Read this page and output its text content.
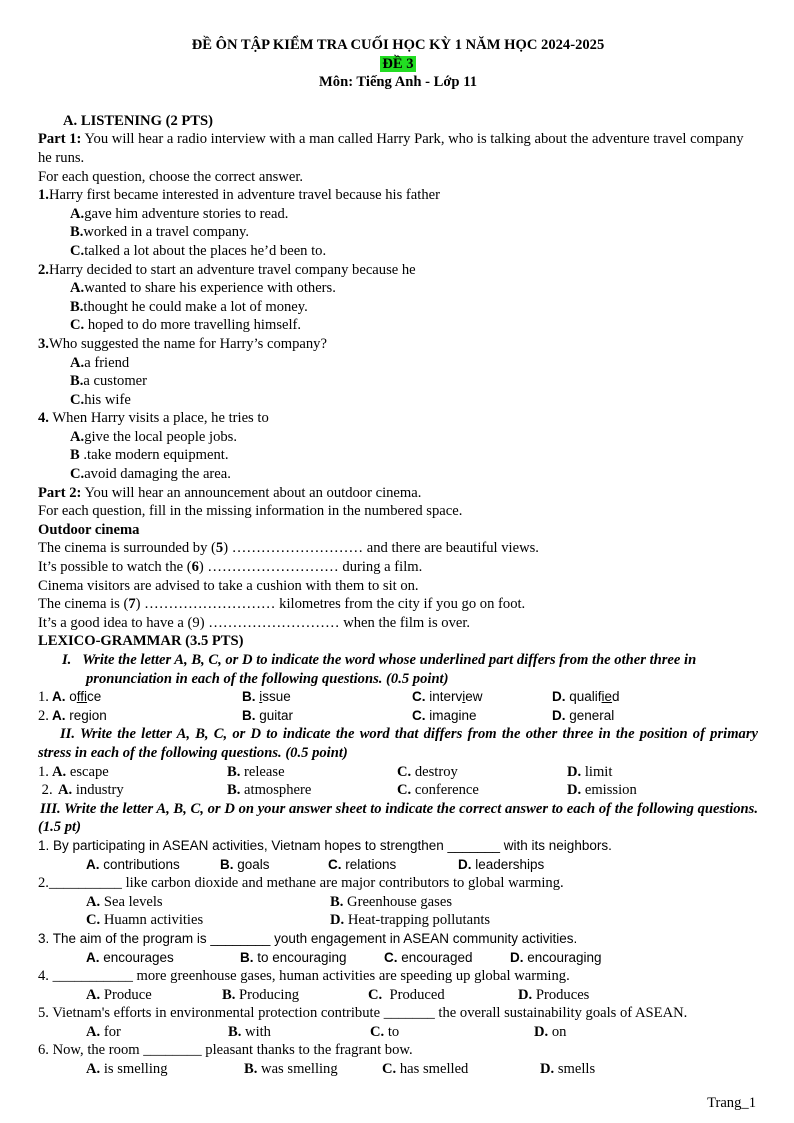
ĐỀ ÔN TẬP KIỂM TRA CUỐI HỌC KỲ 1 NĂM HỌC 2024-2025
ĐỀ 3
Môn: Tiếng Anh - Lớp 11
A. LISTENING (2 PTS)
Part 1: You will hear a radio interview with a man called Harry Park, who is talking about the adventure travel company he runs.
For each question, choose the correct answer.
1.Harry first became interested in adventure travel because his father
A.gave him adventure stories to read.
B.worked in a travel company.
C.talked a lot about the places he’d been to.
2.Harry decided to start an adventure travel company because he
A.wanted to share his experience with others.
B.thought he could make a lot of money.
C. hoped to do more travelling himself.
3.Who suggested the name for Harry’s company?
A.a friend
B.a customer
C.his wife
4. When Harry visits a place, he tries to
A.give the local people jobs.
B .take modern equipment.
C.avoid damaging the area.
Part 2: You will hear an announcement about an outdoor cinema.
For each question, fill in the missing information in the numbered space.
Outdoor cinema
The cinema is surrounded by (5) ……………………… and there are beautiful views.
It’s possible to watch the (6) ……………………… during a film.
Cinema visitors are advised to take a cushion with them to sit on.
The cinema is (7) ……………………… kilometres from the city if you go on foot.
It’s a good idea to have a (9) ……………………… when the film is over.
LEXICO-GRAMMAR (3.5 PTS)
I. Write the letter A, B, C, or D to indicate the word whose underlined part differs from the other three in pronunciation in each of the following questions. (0.5 point)
1. A. office	B. issue	C. interview	D. qualified
2. A. region	B. guitar	C. imagine	D. general
II. Write the letter A, B, C, or D to indicate the word that differs from the other three in the position of primary stress in each of the following questions. (0.5 point)
1. A. escape	B. release	C. destroy	D. limit
2. A. industry	B. atmosphere	C. conference	D. emission
III. Write the letter A, B, C, or D on your answer sheet to indicate the correct answer to each of the following questions. (1.5 pt)
1. By participating in ASEAN activities, Vietnam hopes to strengthen _______ with its neighbors.
A. contributions	B. goals	C. relations	D. leaderships
2.__________ like carbon dioxide and methane are major contributors to global warming.
A. Sea levels	B. Greenhouse gases
C. Huamn activities	D. Heat-trapping pollutants
3. The aim of the program is ________ youth engagement in ASEAN community activities.
A. encourages	B. to encouraging	C. encouraged	D. encouraging
4. ___________ more greenhouse gases, human activities are speeding up global warming.
A. Produce	B. Producing	C.  Produced	D. Produces
5. Vietnam's efforts in environmental protection contribute _______ the overall sustainability goals of ASEAN.
A. for	B. with	C. to	D. on
6. Now, the room ________ pleasant thanks to the fragrant bow.
A. is smelling	B. was smelling	C. has smelled	D. smells
Trang_1
